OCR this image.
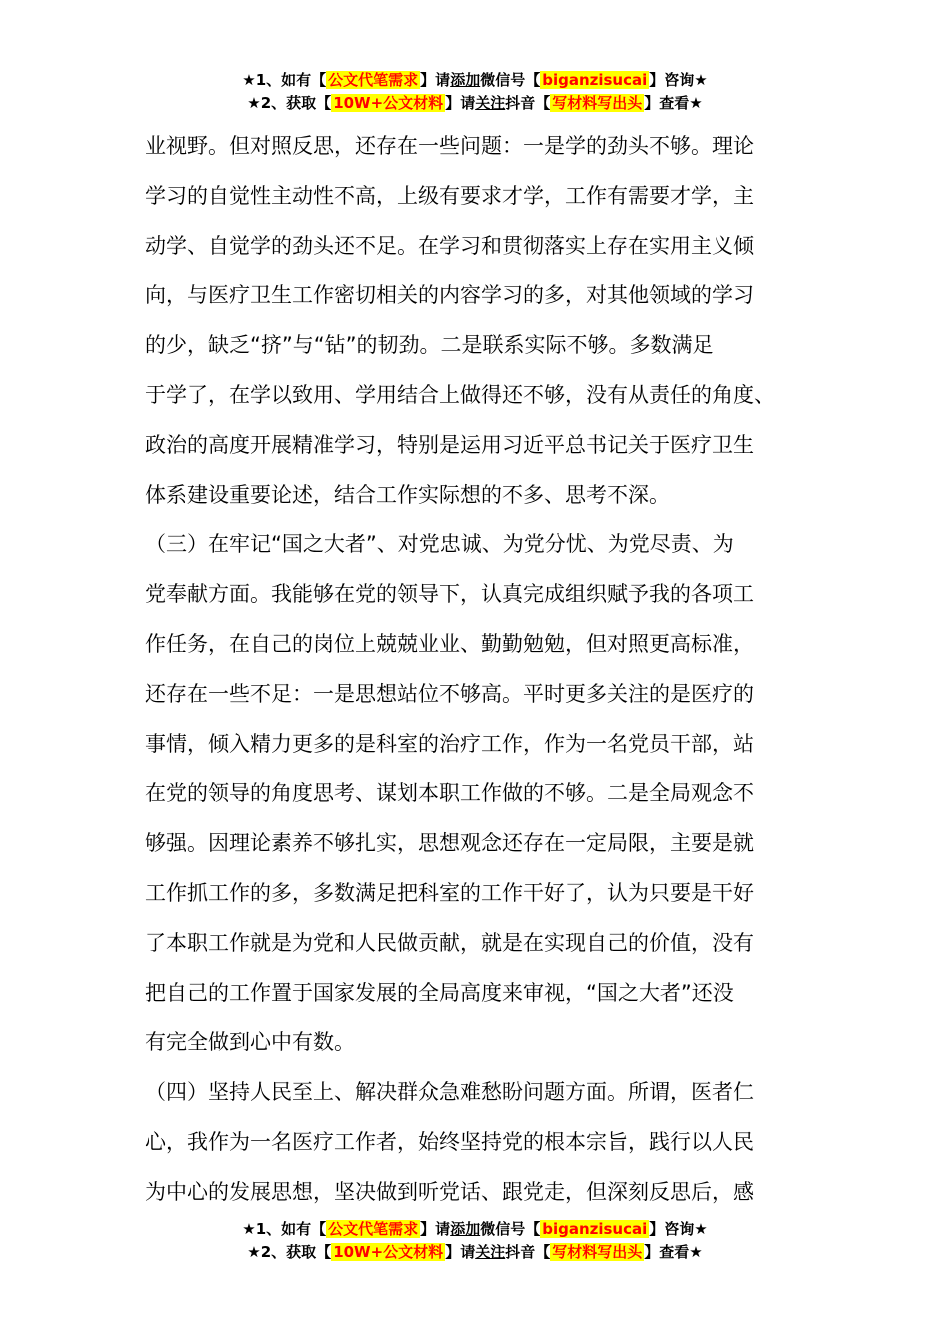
★1、如有【 公文代笔需求 】请添加微信号【 biganzisucai 】咨询★
★2、获取【 10W+公文材料 】请关注抖音【 写材料写出头 】查看★
业视野。但对照反思，还存在一些问题：一是学的劲头不够。理论
学习的自觉性主动性不高，上级有要求才学，工作有需要才学，主
动学、自觉学的劲头还不足。在学习和贯彻落实上存在实用主义倾
向，与医疗卫生工作密切相关的内容学习的多，对其他领域的学习
的少，缺乏“挤”与“钻”的韧劲。二是联系实际不够。多数满足
于学了，在学以致用、学用结合上做得还不够，没有从责任的角度、
政治的高度开展精准学习，特别是运用习近平总书记关于医疗卫生
体系建设重要论述，结合工作实际想的不多、思考不深。
（三）在牢记“国之大者”、对党忠诚、为党分忧、为党尽责、为
党奉献方面。我能够在党的领导下，认真完成组织赋予我的各项工
作任务，在自己的岗位上兢兢业业、勤勤勉勉，但对照更高标准，
还存在一些不足：一是思想站位不够高。平时更多关注的是医疗的
事情，倾入精力更多的是科室的治疗工作，作为一名党员干部，站
在党的领导的角度思考、谋划本职工作做的不够。二是全局观念不
够强。因理论素养不够扎实，思想观念还存在一定局限，主要是就
工作抓工作的多，多数满足把科室的工作干好了，认为只要是干好
了本职工作就是为党和人民做贡献，就是在实现自己的价值，没有
把自己的工作置于国家发展的全局高度来审视，“国之大者”还没
有完全做到心中有数。
（四）坚持人民至上、解决群众急难愁盼问题方面。所谓，医者仁
心，我作为一名医疗工作者，始终坚持党的根本宗旨，践行以人民
为中心的发展思想，坚决做到听党话、跟党走，但深刻反思后，感
★1、如有【 公文代笔需求 】请添加微信号【 biganzisucai 】咨询★
★2、获取【 10W+公文材料 】请关注抖音【 写材料写出头 】查看★
